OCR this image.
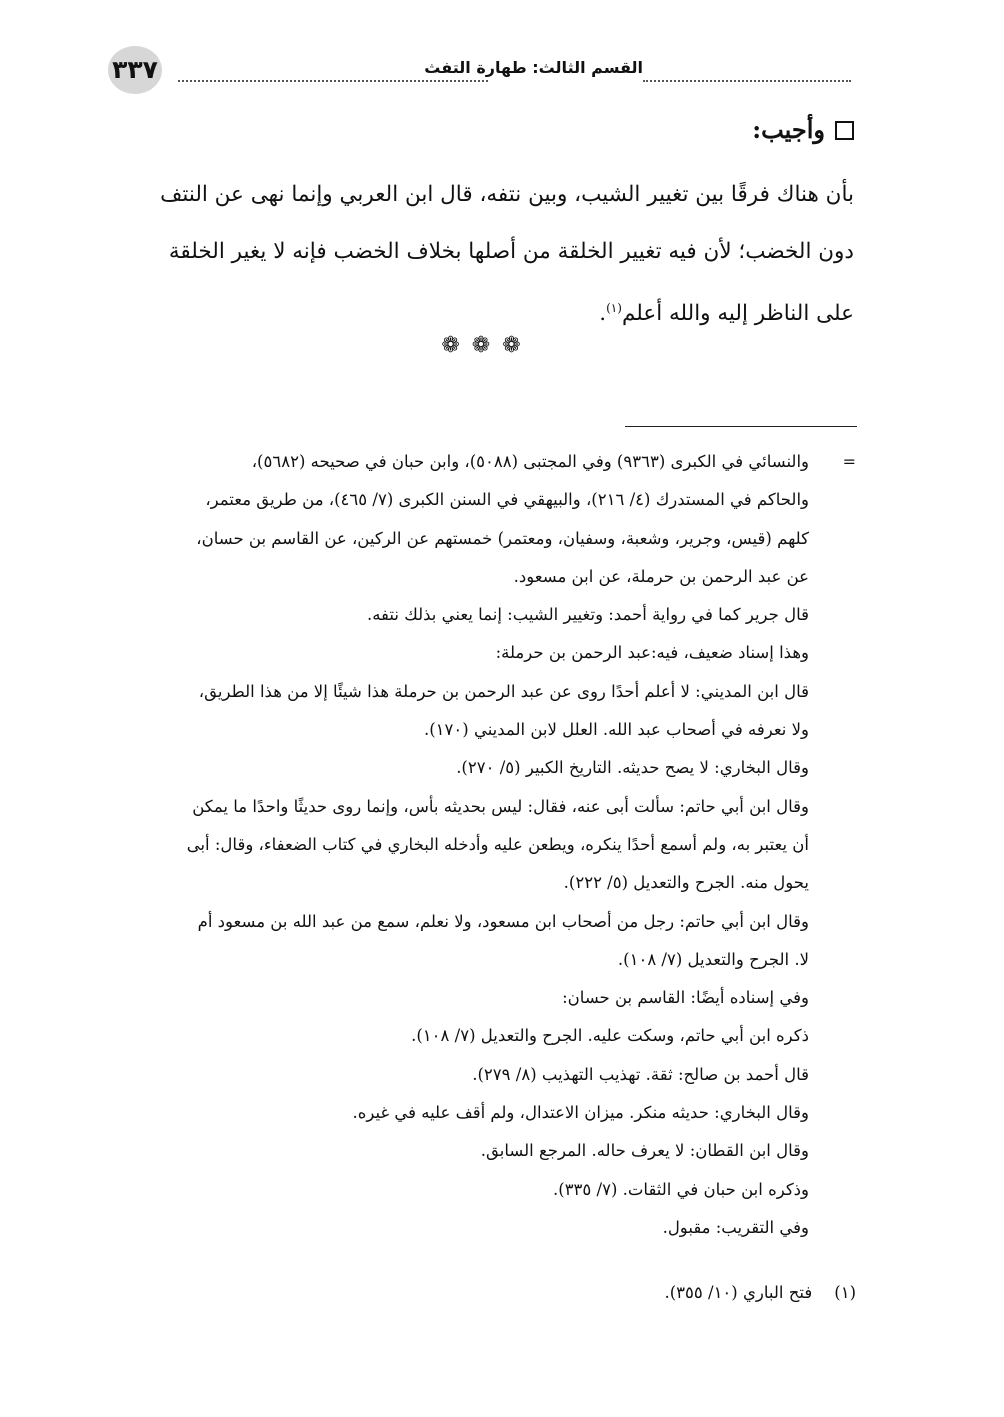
٣٣٧	القسم الثالث: طهارة التفث
وأجيب:

بأن هناك فرقًا بين تغيير الشيب، وبين نتفه، قال ابن العربي وإنما نهى عن النتف

دون الخضب؛ لأن فيه تغيير الخلقة من أصلها بخلاف الخضب فإنه لا يغير الخلقة

على الناظر إليه والله أعلم$^{(١)}$.

❁❁❁
=

والنسائي في الكبرى (٩٣٦٣) وفي المجتبى (٥٠٨٨)، وابن حبان في صحيحه (٥٦٨٢)،

والحاكم في المستدرك (٤/ ٢١٦)، والبيهقي في السنن الكبرى (٧/ ٤٦٥)، من طريق معتمر،

كلهم (قيس، وجرير، وشعبة، وسفيان، ومعتمر) خمستهم عن الركين، عن القاسم بن حسان،

عن عبد الرحمن بن حرملة، عن ابن مسعود.

قال جرير كما في رواية أحمد: وتغيير الشيب: إنما يعني بذلك نتفه.

وهذا إسناد ضعيف، فيه:عبد الرحمن بن حرملة:

قال ابن المديني: لا أعلم أحدًا روى عن عبد الرحمن بن حرملة هذا شيئًا إلا من هذا الطريق،

ولا نعرفه في أصحاب عبد الله. العلل لابن المديني (١٧٠).

وقال البخاري: لا يصح حديثه. التاريخ الكبير (٥/ ٢٧٠).

وقال ابن أبي حاتم: سألت أبى عنه، فقال: ليس بحديثه بأس، وإنما روى حديثًا واحدًا ما يمكن

أن يعتبر به، ولم أسمع أحدًا ينكره، ويطعن عليه وأدخله البخاري في كتاب الضعفاء، وقال: أبى

يحول منه. الجرح والتعديل (٥/ ٢٢٢).

وقال ابن أبي حاتم: رجل من أصحاب ابن مسعود، ولا نعلم، سمع من عبد الله بن مسعود أم

لا. الجرح والتعديل (٧/ ١٠٨).

وفي إسناده أيضًا: القاسم بن حسان:

ذكره ابن أبي حاتم، وسكت عليه. الجرح والتعديل (٧/ ١٠٨).

قال أحمد بن صالح: ثقة. تهذيب التهذيب (٨/ ٢٧٩).

وقال البخاري: حديثه منكر. ميزان الاعتدال، ولم أقف عليه في غيره.

وقال ابن القطان: لا يعرف حاله. المرجع السابق.

وذكره ابن حبان في الثقات. (٧/ ٣٣٥).

وفي التقريب: مقبول.

(١)
فتح الباري (١٠/ ٣٥٥).
